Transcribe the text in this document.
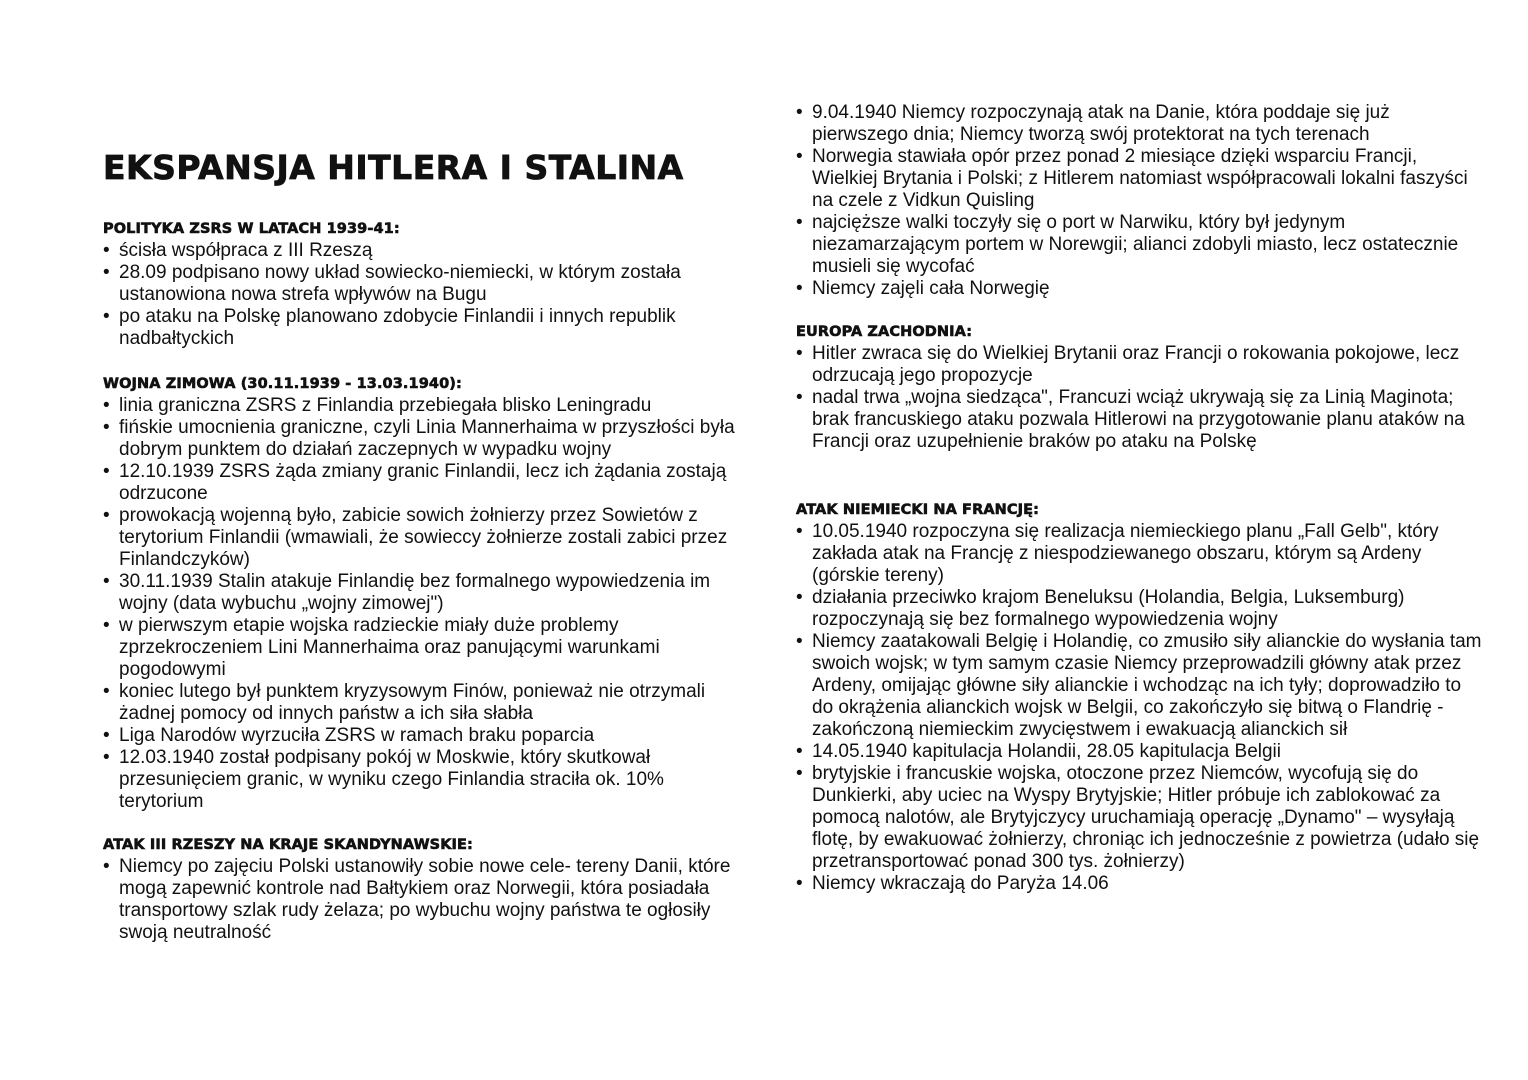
EKSPANSJA HITLERA I STALINA
POLITYKA ZSRS W LATACH 1939-41:
• ścisła współpraca z III Rzeszą
• 28.09 podpisano nowy układ sowiecko-niemiecki, w którym została ustanowiona nowa strefa wpływów na Bugu
• po ataku na Polskę planowano zdobycie Finlandii i innych republik nadbałtyckich
WOJNA ZIMOWA (30.11.1939 - 13.03.1940):
• linia graniczna ZSRS z Finlandia przebiegała blisko Leningradu
• fińskie umocnienia graniczne, czyli Linia Mannerhaima w przyszłości była dobrym punktem do działań zaczepnych w wypadku wojny
• 12.10.1939 ZSRS żąda zmiany granic Finlandii, lecz ich żądania zostają odrzucone
• prowokacją wojenną było, zabicie sowich żołnierzy przez Sowietów z terytorium Finlandii (wmawiali, że sowieccy żołnierze zostali zabici przez Finlandczyków)
• 30.11.1939 Stalin atakuje Finlandię bez formalnego wypowiedzenia im wojny (data wybuchu „wojny zimowej")
• w pierwszym etapie wojska radzieckie miały duże problemy zprzekroczeniem Lini Mannerhaima oraz panującymi warunkami pogodowymi
• koniec lutego był punktem kryzysowym Finów, ponieważ nie otrzymali żadnej pomocy od innych państw a ich siła słabła
• Liga Narodów wyrzuciła ZSRS w ramach braku poparcia
• 12.03.1940 został podpisany pokój w Moskwie, który skutkował przesunięciem granic, w wyniku czego Finlandia straciła ok. 10% terytorium
ATAK III RZESZY NA KRAJE SKANDYNAWSKIE:
• Niemcy po zajęciu Polski ustanowiły sobie nowe cele- tereny Danii, które mogą zapewnić kontrole nad Bałtykiem oraz Norwegii, która posiadała transportowy szlak rudy żelaza; po wybuchu wojny państwa te ogłosiły swoją neutralność
• 9.04.1940 Niemcy rozpoczynają atak na Danie, która poddaje się już pierwszego dnia; Niemcy tworzą swój protektorat na tych terenach
• Norwegia stawiała opór przez ponad 2 miesiące dzięki wsparciu Francji, Wielkiej Brytania i Polski; z Hitlerem natomiast współpracowali lokalni faszyści na czele z Vidkun Quisling
• najcięższe walki toczyły się o port w Narwiku, który był jedynym niezamarzającym portem w Norewgii; alianci zdobyli miasto, lecz ostatecznie musieli się wycofać
• Niemcy zajęli cała Norwegię
EUROPA ZACHODNIA:
• Hitler zwraca się do Wielkiej Brytanii oraz Francji o rokowania pokojowe, lecz odrzucają jego propozycje
• nadal trwa „wojna siedząca", Francuzi wciąż ukrywają się za Linią Maginota; brak francuskiego ataku pozwala Hitlerowi na przygotowanie planu ataków na Francji oraz uzupełnienie braków po ataku na Polskę
ATAK NIEMIECKI NA FRANCJĘ:
• 10.05.1940 rozpoczyna się realizacja niemieckiego planu „Fall Gelb", który zakłada atak na Francję z niespodziewanego obszaru, którym są Ardeny (górskie tereny)
• działania przeciwko krajom Beneluksu (Holandia, Belgia, Luksemburg) rozpoczynają się bez formalnego wypowiedzenia wojny
• Niemcy zaatakowali Belgię i Holandię, co zmusiło siły alianckie do wysłania tam swoich wojsk; w tym samym czasie Niemcy przeprowadzili główny atak przez Ardeny, omijając główne siły alianckie i wchodząc na ich tyły; doprowadziło to do okrążenia alianckich wojsk w Belgii, co zakończyło się bitwą o Flandrię - zakończoną niemieckim zwycięstwem i ewakuacją alianckich sił
• 14.05.1940 kapitulacja Holandii, 28.05 kapitulacja Belgii
• brytyjskie i francuskie wojska, otoczone przez Niemców, wycofują się do Dunkierki, aby uciec na Wyspy Brytyjskie; Hitler próbuje ich zablokować za pomocą nalotów, ale Brytyjczycy uruchamiają operację „Dynamo" – wysyłają flotę, by ewakuować żołnierzy, chroniąc ich jednocześnie z powietrza (udało się przetransportować ponad 300 tys. żołnierzy)
• Niemcy wkraczają do Paryża 14.06
